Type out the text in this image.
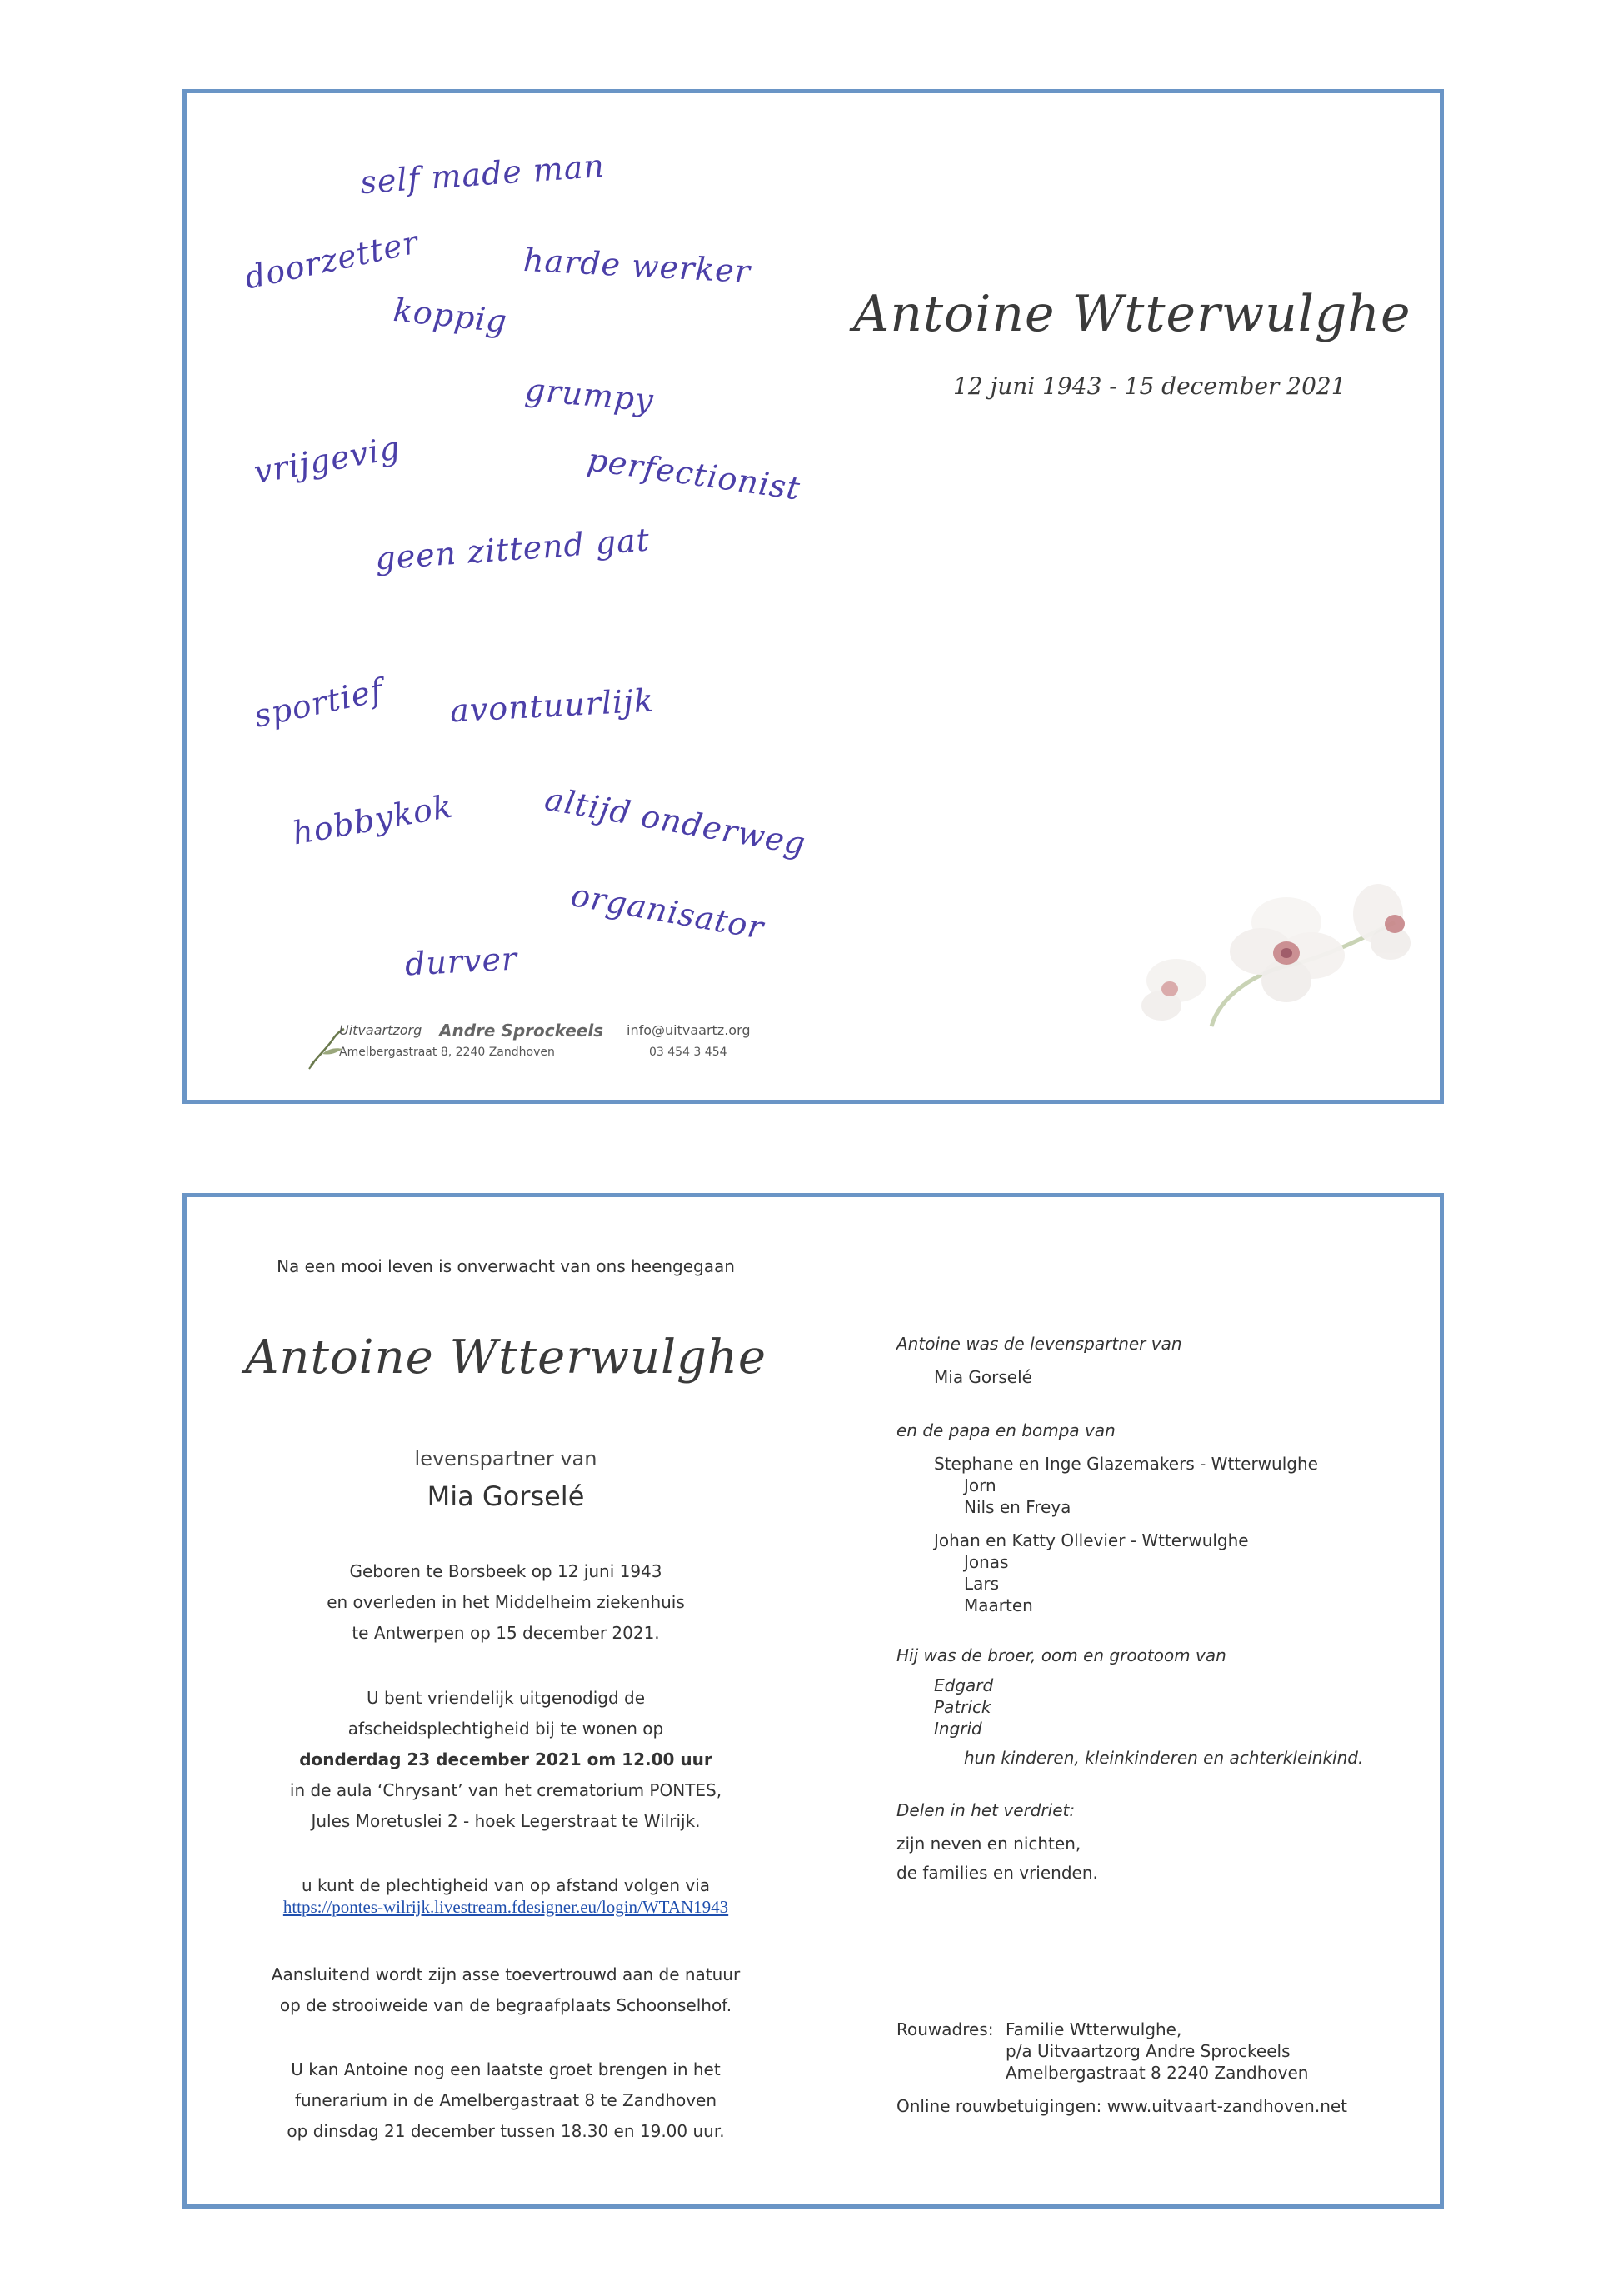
self made man
doorzetter	harde werker
koppig
grumpy
vrijgevig	perfectionist
geen zittend gat
sportief avontuurlijk
hobbykok	altijd onderweg
organisator
durver
Antoine Wtterwulghe
12 juni 1943 - 15 december 2021
Uitvaartzorg Andre Sprockeels info@uitvaartz.org
Amelbergastraat 8, 2240 Zandhoven	03 454 3 454
Na een mooi leven is onverwacht van ons heengegaan
Antoine Wtterwulghe
levenspartner van
Mia Gorselé
Geboren te Borsbeek op 12 juni 1943
en overleden in het Middelheim ziekenhuis
te Antwerpen op 15 december 2021.
U bent vriendelijk uitgenodigd de
afscheidsplechtigheid bij te wonen op
donderdag 23 december 2021 om 12.00 uur
in de aula ‘Chrysant’ van het crematorium PONTES,
Jules Moretuslei 2 - hoek Legerstraat te Wilrijk.
u kunt de plechtigheid van op afstand volgen via
https://pontes-wilrijk.livestream.fdesigner.eu/login/WTAN1943
Aansluitend wordt zijn asse toevertrouwd aan de natuur
op de strooiweide van de begraafplaats Schoonselhof.
U kan Antoine nog een laatste groet brengen in het
funerarium in de Amelbergastraat 8 te Zandhoven
op dinsdag 21 december tussen 18.30 en 19.00 uur.
Antoine was de levenspartner van
Mia Gorselé
en de papa en bompa van
Stephane en Inge Glazemakers - Wtterwulghe
Jorn
Nils en Freya
Johan en Katty Ollevier - Wtterwulghe
Jonas
Lars
Maarten
Hij was de broer, oom en grootoom van
Edgard
Patrick
Ingrid
hun kinderen, kleinkinderen en achterkleinkind.
Delen in het verdriet:
zijn neven en nichten,
de families en vrienden.
Rouwadres: Familie Wtterwulghe,
p/a Uitvaartzorg Andre Sprockeels
Amelbergastraat 8 2240 Zandhoven
Online rouwbetuigingen: www.uitvaart-zandhoven.net
